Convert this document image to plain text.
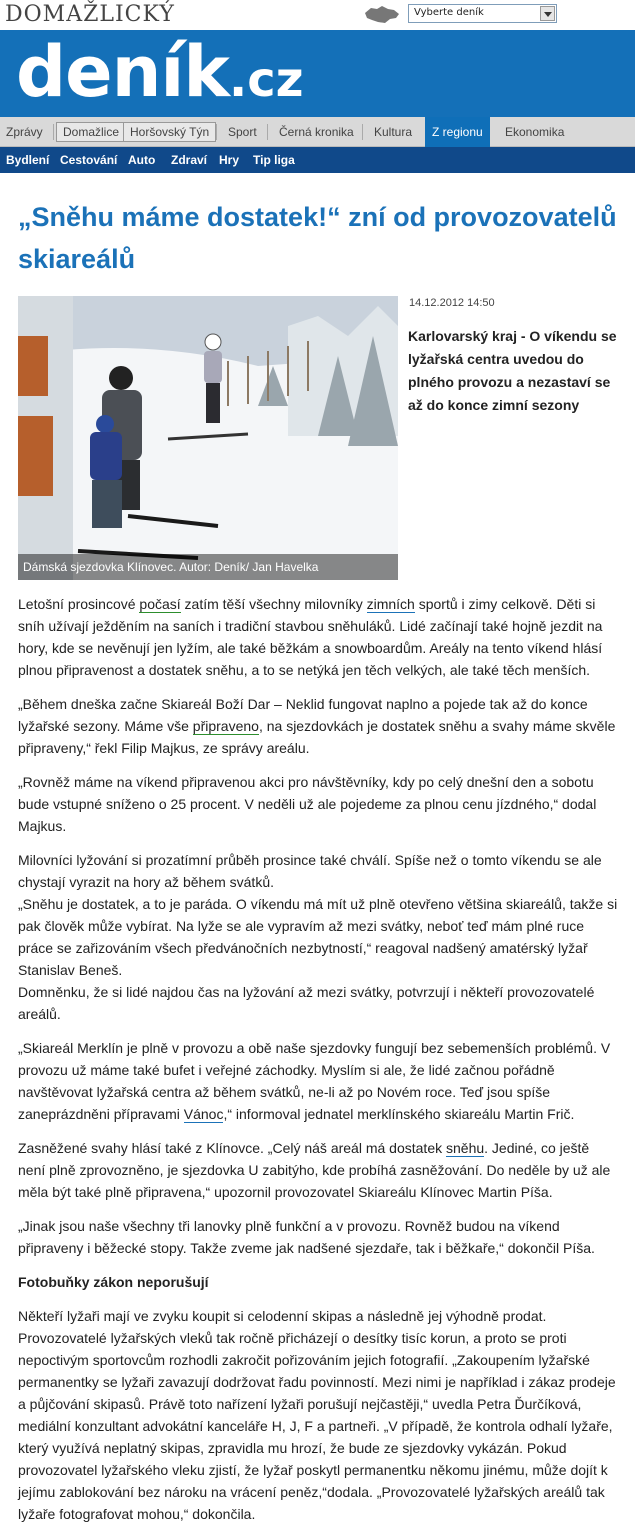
DOMAŽLICKÝ	Vyberte deník
deník.cz
Zprávy	Domažlice Horšovský Týn	Sport	Černá kronika	Kultura	Z regionu	Ekonomika
Bydlení Cestování Auto Zdraví Hry Tip liga
„Sněhu máme dostatek!“ zní od provozovatelů skiareálů
Dámská sjezdovka Klínovec. Autor: Deník/ Jan Havelka
14.12.2012 14:50
Karlovarský kraj - O víkendu se lyžařská centra uvedou do plného provozu a nezastaví se až do konce zimní sezony

Letošní prosincové počasí zatím těší všechny milovníky zimních sportů i zimy celkově. Děti si sníh užívají ježděním na saních i tradiční stavbou sněhuláků. Lidé začínají také hojně jezdit na hory, kde se nevěnují jen lyžím, ale také běžkám a snowboardům. Areály na tento víkend hlásí plnou připravenost a dostatek sněhu, a to se netýká jen těch velkých, ale také těch menších.

„Během dneška začne Skiareál Boží Dar – Neklid fungovat naplno a pojede tak až do konce lyžařské sezony. Máme vše připraveno, na sjezdovkách je dostatek sněhu a svahy máme skvěle připraveny,“ řekl Filip Majkus, ze správy areálu.

„Rovněž máme na víkend připravenou akci pro návštěvníky, kdy po celý dnešní den a sobotu bude vstupné sníženo o 25 procent. V neděli už ale pojedeme za plnou cenu jízdného,“ dodal Majkus.

Milovníci lyžování si prozatímní průběh prosince také chválí. Spíše než o tomto víkendu se ale chystají vyrazit na hory až během svátků.

„Sněhu je dostatek, a to je paráda. O víkendu má mít už plně otevřeno většina skiareálů, takže si pak člověk může vybírat. Na lyže se ale vypravím až mezi svátky, neboť teď mám plné ruce práce se zařizováním všech předvánočních nezbytností,“ reagoval nadšený amatérský lyžař Stanislav Beneš.

Domněnku, že si lidé najdou čas na lyžování až mezi svátky, potvrzují i někteří provozovatelé areálů.

„Skiareál Merklín je plně v provozu a obě naše sjezdovky fungují bez sebemenších problémů. V provozu už máme také bufet i veřejné záchodky. Myslím si ale, že lidé začnou pořádně navštěvovat lyžařská centra až během svátků, ne-li až po Novém roce. Teď jsou spíše zaneprázdněni přípravami Vánoc,“ informoval jednatel merklínského skiareálu Martin Frič.

Zasněžené svahy hlásí také z Klínovce. „Celý náš areál má dostatek sněhu. Jediné, co ještě není plně zprovozněno, je sjezdovka U zabitýho, kde probíhá zasněžování. Do neděle by už ale měla být také plně připravena,“ upozornil provozovatel Skiareálu Klínovec Martin Píša.

„Jinak jsou naše všechny tři lanovky plně funkční a v provozu. Rovněž budou na víkend připraveny i běžecké stopy. Takže zveme jak nadšené sjezdaře, tak i běžkaře,“ dokončil Píša.

Fotobuňky zákon neporušují

Někteří lyžaři mají ve zvyku koupit si celodenní skipas a následně jej výhodně prodat. Provozovatelé lyžařských vleků tak ročně přicházejí o desítky tisíc korun, a proto se proti nepoctivým sportovcům rozhodli zakročit pořizováním jejich fotografií. „Zakoupením lyžařské permanentky se lyžaři zavazují dodržovat řadu povinností. Mezi nimi je například i zákaz prodeje a půjčování skipasů. Právě toto nařízení lyžaři porušují nejčastěji,“ uvedla Petra Ďurčíková, mediální konzultant advokátní kanceláře H, J, F a partneři. „V případě, že kontrola odhalí lyžaře, který využívá neplatný skipas, zpravidla mu hrozí, že bude ze sjezdovky vykázán. Pokud provozovatel lyžařského vleku zjistí, že lyžař poskytl permanentku někomu jinému, může dojít k jejímu zablokování bez nároku na vrácení peněz,“dodala. „Provozovatelé lyžařských areálů tak lyžaře fotografovat mohou,“ dokončila.
